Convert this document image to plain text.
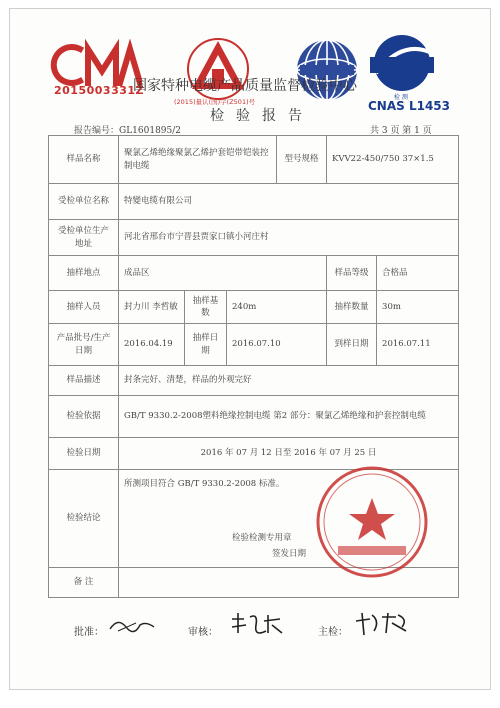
2015003331Z
检 测
CNAS L1453
国家特种电缆产品质量监督检验中心
(2015)量认(国)字(Z501)号
检验报告
报告编号：GL1601895/2	共 3 页 第 1 页
样品名称	聚氯乙烯绝缘聚氯乙烯护套铠带铠装控制电缆			型号规格	KVV22-450/750 37×1.5	
受检单位名称	特變电缆有限公司					
受检单位生产地址	河北省邢台市宁晋县贾家口镇小河庄村					
抽样地点	成品区				样品等级	合格品
抽样人员	封力川 李哲敏	抽样基数	240m		抽样数量	30m
产品批号/生产日期	2016.04.19	抽样日期	2016.07.10		到样日期	2016.07.11
样品描述	封条完好、清楚，样品的外观完好					
检验依据	GB/T 9330.2-2008塑料绝缘控制电缆 第2 部分：聚氯乙烯绝缘和护套控制电缆					
检验日期	2016 年 07 月 12 日至 2016 年 07 月 25 日					
检验结论	所测项目符合 GB/T 9330.2-2008 标准。
检验检测专用章
签发日期					

备 注						
批准：	审核：	主检：
